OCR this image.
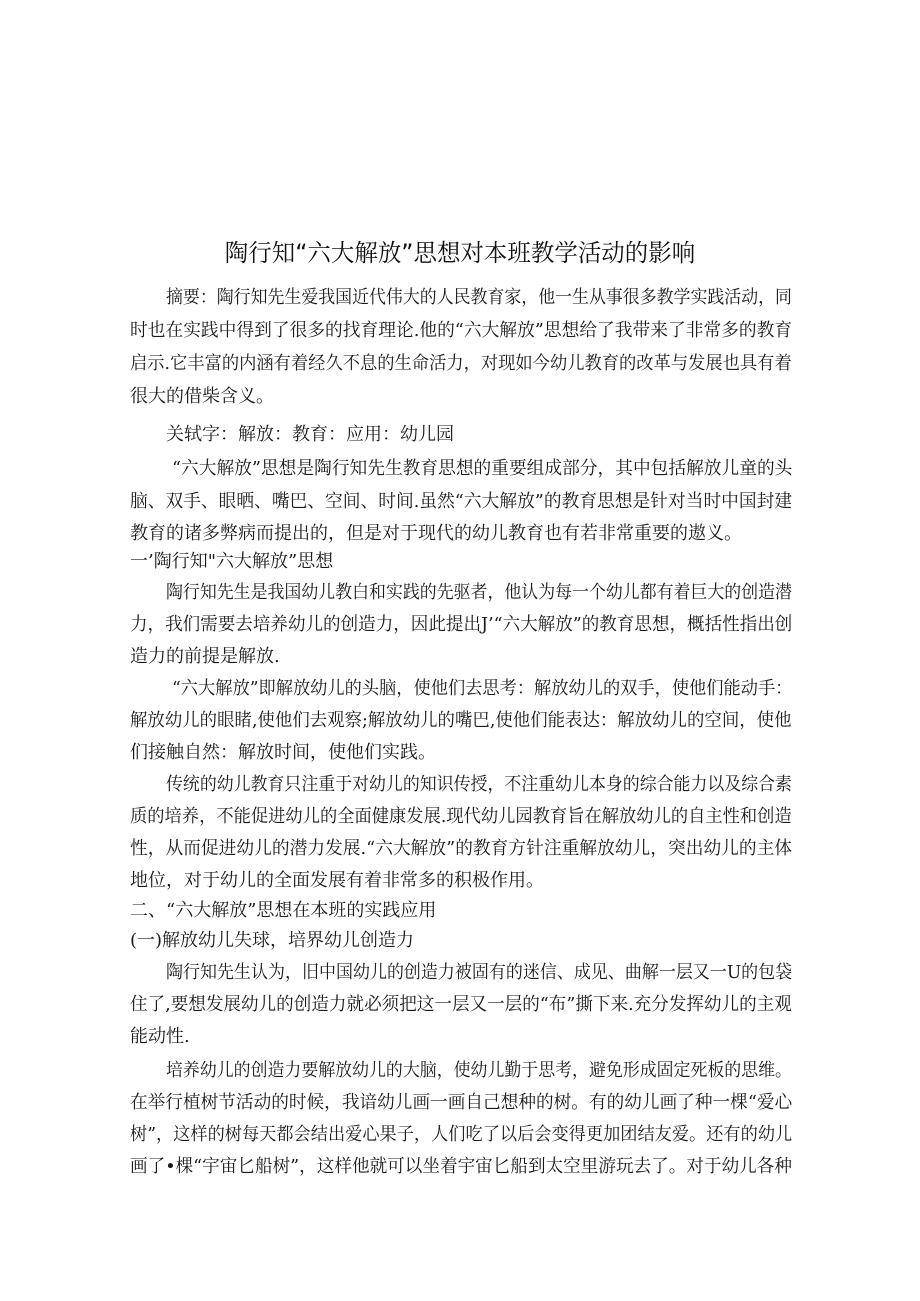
陶行知“六大解放”思想对本班教学活动的影响
摘要：陶行知先生爱我国近代伟大的人民教育家，他一生从事很多教学实践活动，同
时也在实践中得到了很多的找育理论.他的“六大解放”思想给了我带来了非常多的教育
启示.它丰富的内涵有着经久不息的生命活力，对现如今幼儿教育的改革与发展也具有着
很大的借柴含义。
关轼字：解放：教育：应用：幼儿园
“六大解放”思想是陶行知先生教育思想的重要组成部分，其中包括解放儿童的头
脑、双手、眼晒、嘴巴、空间、时间.虽然“六大解放”的教育思想是针对当时中国封建
教育的诸多弊病而提出的，但是对于现代的幼儿教育也有若非常重要的遨义。
一’陶行知"六大解放”思想
陶行知先生是我国幼儿教白和实践的先驱者，他认为每一个幼儿都有着巨大的创造潜
力，我们需要去培养幼儿的创造力，因此提出J’“六大解放”的教育思想，概括性指出创
造力的前提是解放.
“六大解放”即解放幼儿的头脑，使他们去思考：解放幼儿的双手，使他们能动手：
解放幼儿的眼睹,使他们去观察;解放幼儿的嘴巴,使他们能表达：解放幼儿的空间，使他
们接触自然：解放时间，使他们实践。
传统的幼儿教育只注重于对幼儿的知识传授，不注重幼儿本身的综合能力以及综合素
质的培养，不能促进幼儿的全面健康发展.现代幼儿园教育旨在解放幼儿的自主性和创造
性，从而促进幼儿的潜力发展.“六大解放”的教育方针注重解放幼儿，突出幼儿的主体
地位，对于幼儿的全面发展有着非常多的积极作用。
二、“六大解放”思想在本班的实践应用
(一)解放幼儿失球，培界幼儿创造力
陶行知先生认为，旧中国幼儿的创造力被固有的迷信、成见、曲解一层又一U的包袋
住了,要想发展幼儿的创造力就必须把这一层又一层的“布”撕下来.充分发挥幼儿的主观
能动性.
培养幼儿的创造力要解放幼儿的大脑，使幼儿勤于思考，避免形成固定死板的思维。
在举行植树节活动的时候，我谙幼儿画一画自己想种的树。有的幼儿画了种一棵“爱心
树”，这样的树每天都会结出爱心果子，人们吃了以后会变得更加团结友爱。还有的幼儿
画了•棵“宇宙匕船树”，这样他就可以坐着宇宙匕船到太空里游玩去了。对于幼儿各种
